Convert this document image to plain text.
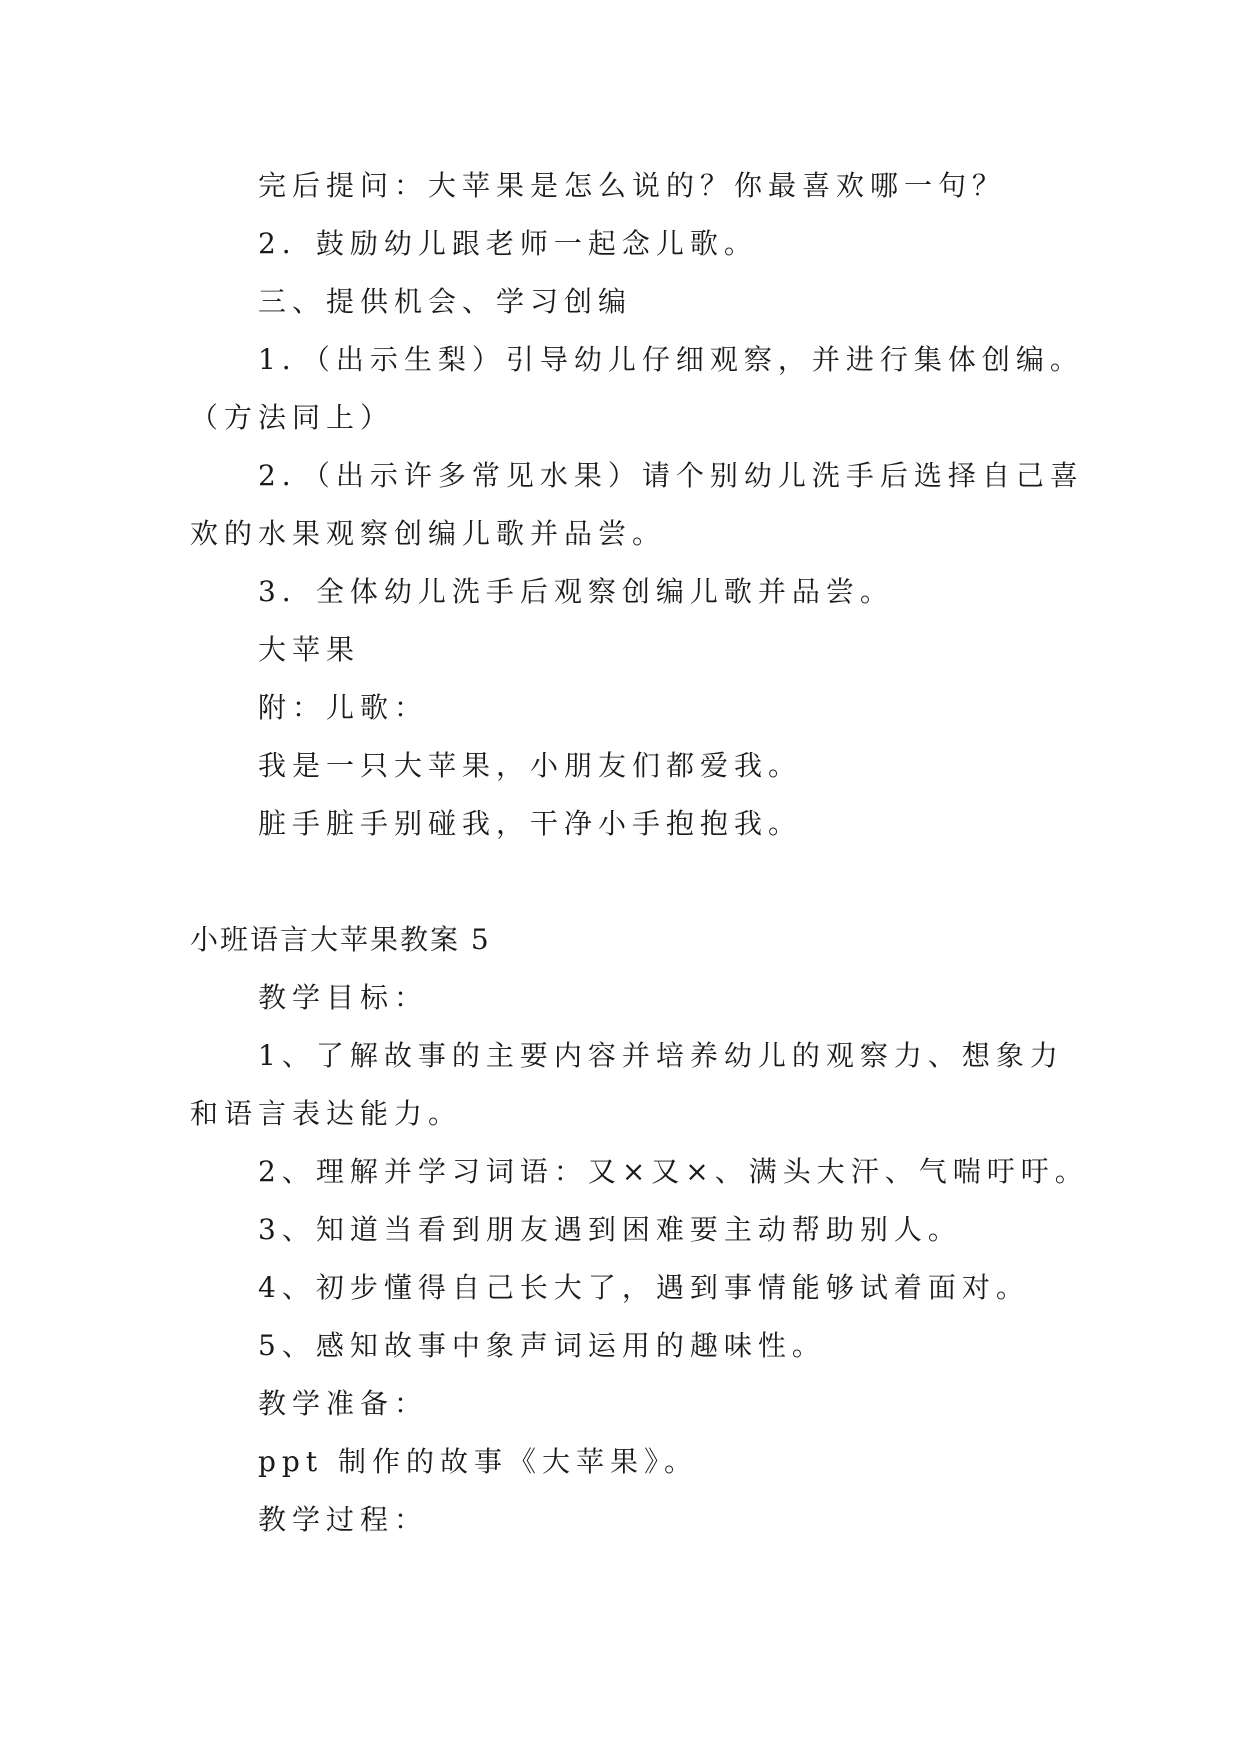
完后提问：大苹果是怎么说的？你最喜欢哪一句？

2．鼓励幼儿跟老师一起念儿歌。

三、提供机会、学习创编

1．（出示生梨）引导幼儿仔细观察，并进行集体创编。

（方法同上）

2．（出示许多常见水果）请个别幼儿洗手后选择自己喜

欢的水果观察创编儿歌并品尝。

3．全体幼儿洗手后观察创编儿歌并品尝。

大苹果

附：儿歌：

我是一只大苹果，小朋友们都爱我。

脏手脏手别碰我，干净小手抱抱我。

小班语言大苹果教案 5

教学目标：

1、了解故事的主要内容并培养幼儿的观察力、想象力

和语言表达能力。

2、理解并学习词语：又×又×、满头大汗、气喘吁吁。

3、知道当看到朋友遇到困难要主动帮助别人。

4、初步懂得自己长大了，遇到事情能够试着面对。

5、感知故事中象声词运用的趣味性。

教学准备：

ppt 制作的故事《大苹果》。

教学过程：
